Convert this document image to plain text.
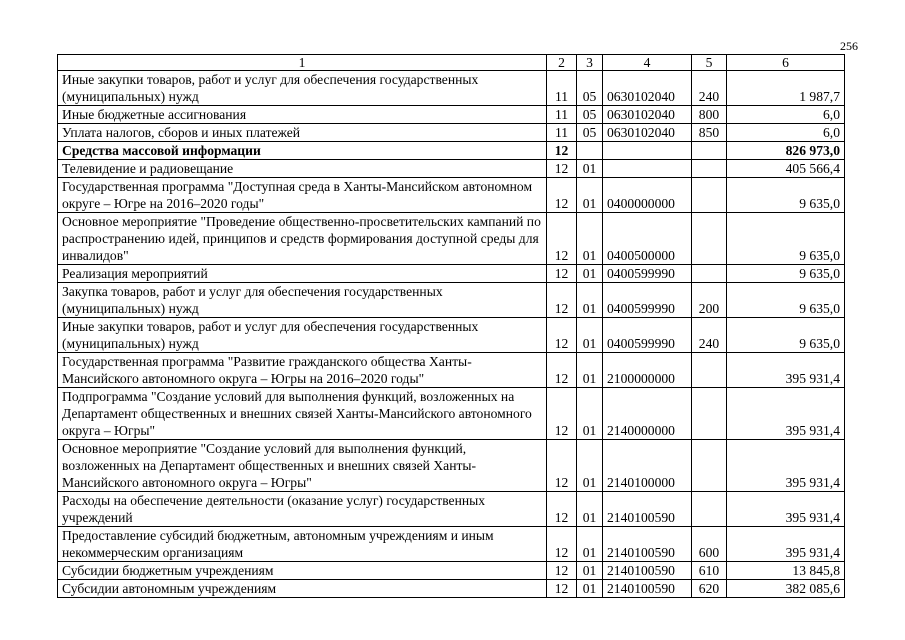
256
1	2	3	4	5	6
Иные закупки товаров, работ и услуг для обеспечения государственных (муниципальных) нужд	11	05	0630102040	240	1 987,7
Иные бюджетные ассигнования	11	05	0630102040	800	6,0
Уплата налогов, сборов и иных платежей	11	05	0630102040	850	6,0
Средства массовой информации	12				826 973,0
Телевидение и радиовещание	12	01			405 566,4
Государственная программа "Доступная среда в Ханты-Мансийском автономном округе – Югре на 2016–2020 годы"	12	01	0400000000		9 635,0
Основное мероприятие "Проведение общественно-просветительских кампаний по распространению идей, принципов и средств формирования доступной среды для инвалидов"	12	01	0400500000		9 635,0
Реализация мероприятий	12	01	0400599990		9 635,0
Закупка товаров, работ и услуг для обеспечения государственных (муниципальных) нужд	12	01	0400599990	200	9 635,0
Иные закупки товаров, работ и услуг для обеспечения государственных (муниципальных) нужд	12	01	0400599990	240	9 635,0
Государственная программа "Развитие гражданского общества Ханты-Мансийского автономного округа – Югры на 2016–2020 годы"	12	01	2100000000		395 931,4
Подпрограмма "Создание условий для выполнения функций, возложенных на Департамент общественных и внешних связей Ханты-Мансийского автономного округа – Югры"	12	01	2140000000		395 931,4
Основное мероприятие "Создание условий для выполнения функций, возложенных на Департамент общественных и внешних связей Ханты-Мансийского автономного округа – Югры"	12	01	2140100000		395 931,4
Расходы на обеспечение деятельности (оказание услуг) государственных учреждений	12	01	2140100590		395 931,4
Предоставление субсидий бюджетным, автономным учреждениям и иным некоммерческим организациям	12	01	2140100590	600	395 931,4
Субсидии бюджетным учреждениям	12	01	2140100590	610	13 845,8
Субсидии автономным учреждениям	12	01	2140100590	620	382 085,6
